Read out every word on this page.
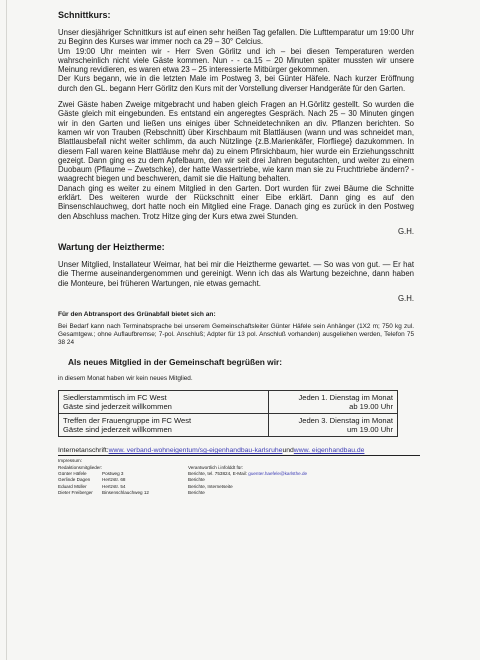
Schnittkurs:

Unser diesjähriger Schnittkurs ist auf einen sehr heißen Tag gefallen. Die Lufttemparatur um 19:00 Uhr zu Beginn des Kurses war immer noch ca 29 – 30° Celcius.

Um 19:00 Uhr meinten wir - Herr Sven Görlitz und ich – bei diesen Temperaturen werden wahrscheinlich nicht viele Gäste kommen. Nun - - ca.15 – 20 Minuten später mussten wir unsere Meinung revidieren, es waren etwa 23 – 25 interessierte Mitbürger gekommen.

Der Kurs begann, wie in die letzten Male im Postweg 3, bei Günter Häfele. Nach kurzer Eröffnung durch den GL. begann Herr Görlitz den Kurs mit der Vorstellung diverser Handgeräte für den Garten.

Zwei Gäste haben Zweige mitgebracht und haben gleich Fragen an H.Görlitz gestellt. So wurden die Gäste gleich mit eingebunden. Es entstand ein angeregtes Gespräch. Nach 25 – 30 Minuten gingen wir in den Garten und ließen uns einiges über Schneidetechniken an div. Pflanzen berichten. So kamen wir von Trauben (Rebschnitt) über Kirschbaum mit Blattläusen (wann und was schneidet man, Blattlausbefall nicht weiter schlimm, da auch Nützlinge {z.B.Marienkäfer, Florfliege} dazukommen. In diesem Fall waren keine Blattläuse mehr da) zu einem Pfirsichbaum, hier wurde ein Erziehungsschnitt gezeigt. Dann ging es zu dem Apfelbaum, den wir seit drei Jahren begutachten, und weiter zu einem Duobaum (Pflaume – Zwetschke), der hatte Wassertriebe, wie kann man sie zu Fruchttriebe ändern? - waagrecht biegen und beschweren, damit sie die Haltung behalten.

Danach ging es weiter zu einem Mitglied in den Garten. Dort wurden für zwei Bäume die Schnitte erklärt. Des weiteren wurde der Rückschnitt einer Eibe erklärt. Dann ging es auf den Binsenschlauchweg, dort hatte noch ein Mitglied eine Frage. Danach ging es zurück in den Postweg den Abschluss machen. Trotz Hitze ging der Kurs etwa zwei Stunden.

G.H.
Wartung der Heiztherme:

Unser Mitglied, Installateur Weimar, hat bei mir die Heiztherme gewartet. — So was von gut. — Er hat die Therme auseinandergenommen und gereinigt. Wenn ich das als Wartung bezeichne, dann haben die Monteure, bei früheren Wartungen, nie etwas gemacht.

G.H.
Für den Abtransport des Grünabfall bietet sich an:

Bei Bedarf kann nach Terminabsprache bei unserem Gemeinschaftsleiter Günter Häfele sein Anhänger (1X2 m; 750 kg zul. Gesamtgew.; ohne Auflaufbremse; 7-pol. Anschluß; Adpter für 13 pol. Anschluß vorhanden) ausgeliehen werden, Telefon 75 38 24

Als neues Mitglied in der Gemeinschaft begrüßen wir:
in diesem Monat haben wir kein neues Mitglied.
Siedlerstammtisch im FC West
Gäste sind jederzeit willkommen	Jeden 1. Dienstag im Monat
ab 19.00 Uhr
Treffen der Frauengruppe im FC West
Gäste sind jederzeit willkommen	Jeden 3. Dienstag im Monat
um 19.00 Uhr
Internetanschrift:www. verband-wohneigentum/sg-eigenhandbau-karlsruheundwww. eigenhandbau.de
Impressum:
Redaktionsmitglieder:	Verantwortlich i.infolddt für:
Günter Häfele	Postweg 3	Berichte, tel. 753824, E-Mail: guenter.haefele@karlsthe.de
Gerlinde Dagen	Hertzstr. 68	Berichte
Eduard Müller	Hertzstr. 54	Berichte, Internetseite
Dieter Freiberger Binsenschlauchweg 12	Berichte
